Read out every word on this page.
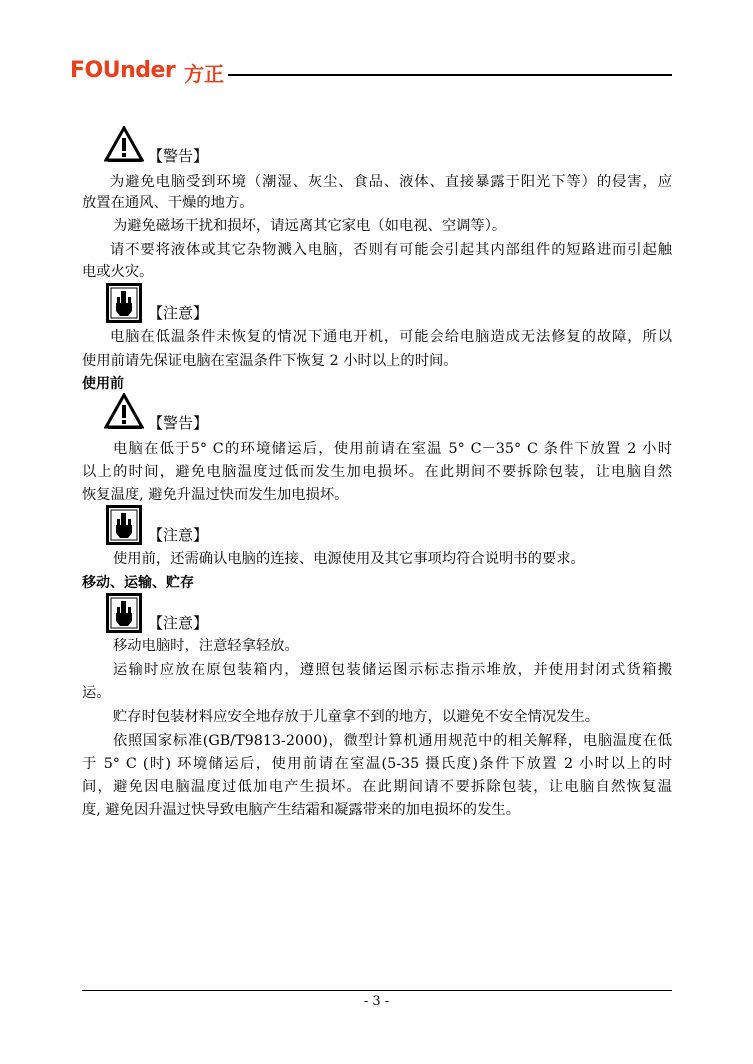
FOUnder 方正
【警告】
为避免电脑受到环境（潮湿、灰尘、食品、液体、直接暴露于阳光下等）的侵害，应
放置在通风、干燥的地方。
为避免磁场干扰和损坏，请远离其它家电（如电视、空调等）。
请不要将液体或其它杂物溅入电脑，否则有可能会引起其内部组件的短路进而引起触
电或火灾。
【注意】
电脑在低温条件未恢复的情况下通电开机，可能会给电脑造成无法修复的故障，所以
使用前请先保证电脑在室温条件下恢复 2 小时以上的时间。
使用前
【警告】
电脑在低于5° C的环境储运后，使用前请在室温 5° C－35° C 条件下放置 2 小时
以上的时间，避免电脑温度过低而发生加电损坏。在此期间不要拆除包装，让电脑自然
恢复温度, 避免升温过快而发生加电损坏。
【注意】
使用前，还需确认电脑的连接、电源使用及其它事项均符合说明书的要求。
移动、运输、贮存
【注意】
移动电脑时，注意轻拿轻放。
运输时应放在原包装箱内，遵照包装储运图示标志指示堆放，并使用封闭式货箱搬
运。
贮存时包装材料应安全地存放于儿童拿不到的地方，以避免不安全情况发生。
依照国家标准(GB/T9813-2000)，微型计算机通用规范中的相关解释，电脑温度在低
于 5° C (时) 环境储运后，使用前请在室温(5-35 摄氏度)条件下放置 2 小时以上的时
间，避免因电脑温度过低加电产生损坏。在此期间请不要拆除包装，让电脑自然恢复温
度, 避免因升温过快导致电脑产生结霜和凝露带来的加电损坏的发生。
- 3 -
